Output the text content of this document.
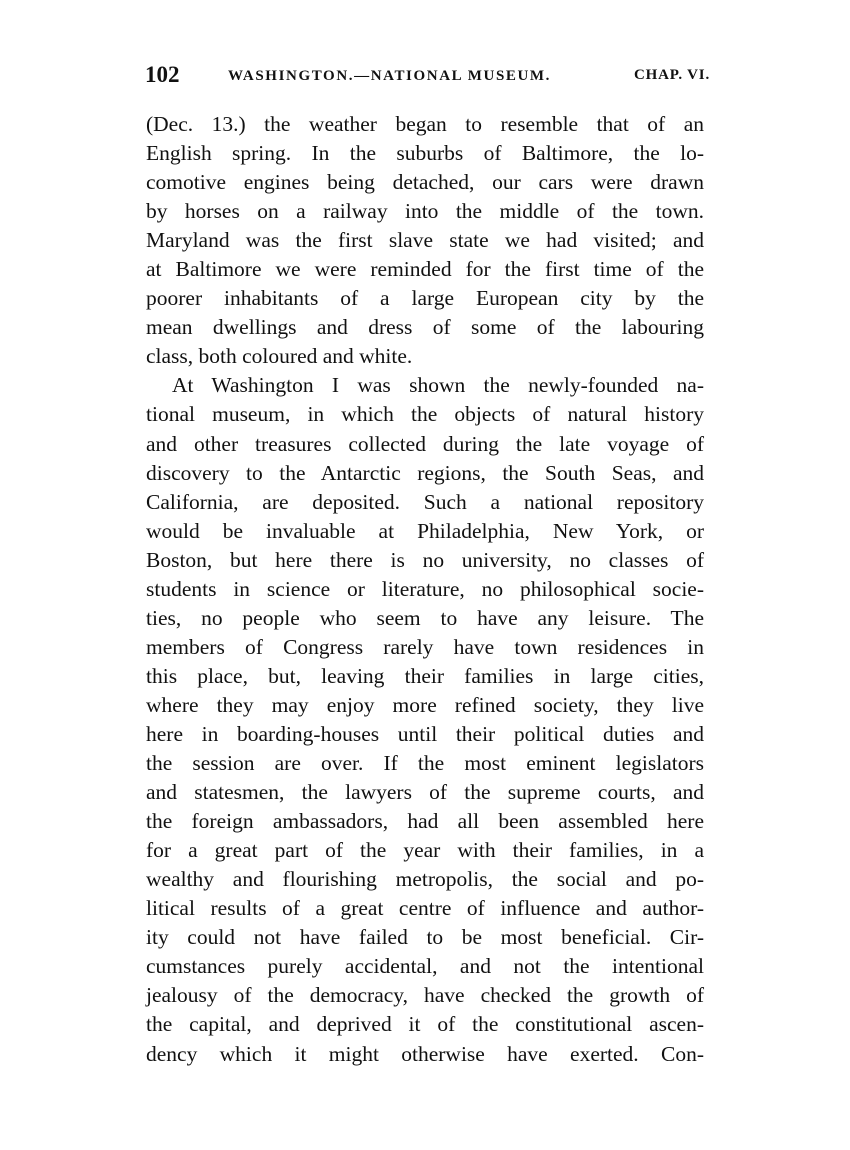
102	WASHINGTON.—NATIONAL MUSEUM.	CHAP. VI.
(Dec. 13.) the weather began to resemble that of an
English spring. In the suburbs of Baltimore, the lo-
comotive engines being detached, our cars were drawn
by horses on a railway into the middle of the town.
Maryland was the first slave state we had visited; and
at Baltimore we were reminded for the first time of the
poorer inhabitants of a large European city by the
mean dwellings and dress of some of the labouring
class, both coloured and white.
At Washington I was shown the newly-founded na-
tional museum, in which the objects of natural history
and other treasures collected during the late voyage of
discovery to the Antarctic regions, the South Seas, and
California, are deposited. Such a national repository
would be invaluable at Philadelphia, New York, or
Boston, but here there is no university, no classes of
students in science or literature, no philosophical socie-
ties, no people who seem to have any leisure. The
members of Congress rarely have town residences in
this place, but, leaving their families in large cities,
where they may enjoy more refined society, they live
here in boarding-houses until their political duties and
the session are over. If the most eminent legislators
and statesmen, the lawyers of the supreme courts, and
the foreign ambassadors, had all been assembled here
for a great part of the year with their families, in a
wealthy and flourishing metropolis, the social and po-
litical results of a great centre of influence and author-
ity could not have failed to be most beneficial. Cir-
cumstances purely accidental, and not the intentional
jealousy of the democracy, have checked the growth of
the capital, and deprived it of the constitutional ascen-
dency which it might otherwise have exerted. Con-
